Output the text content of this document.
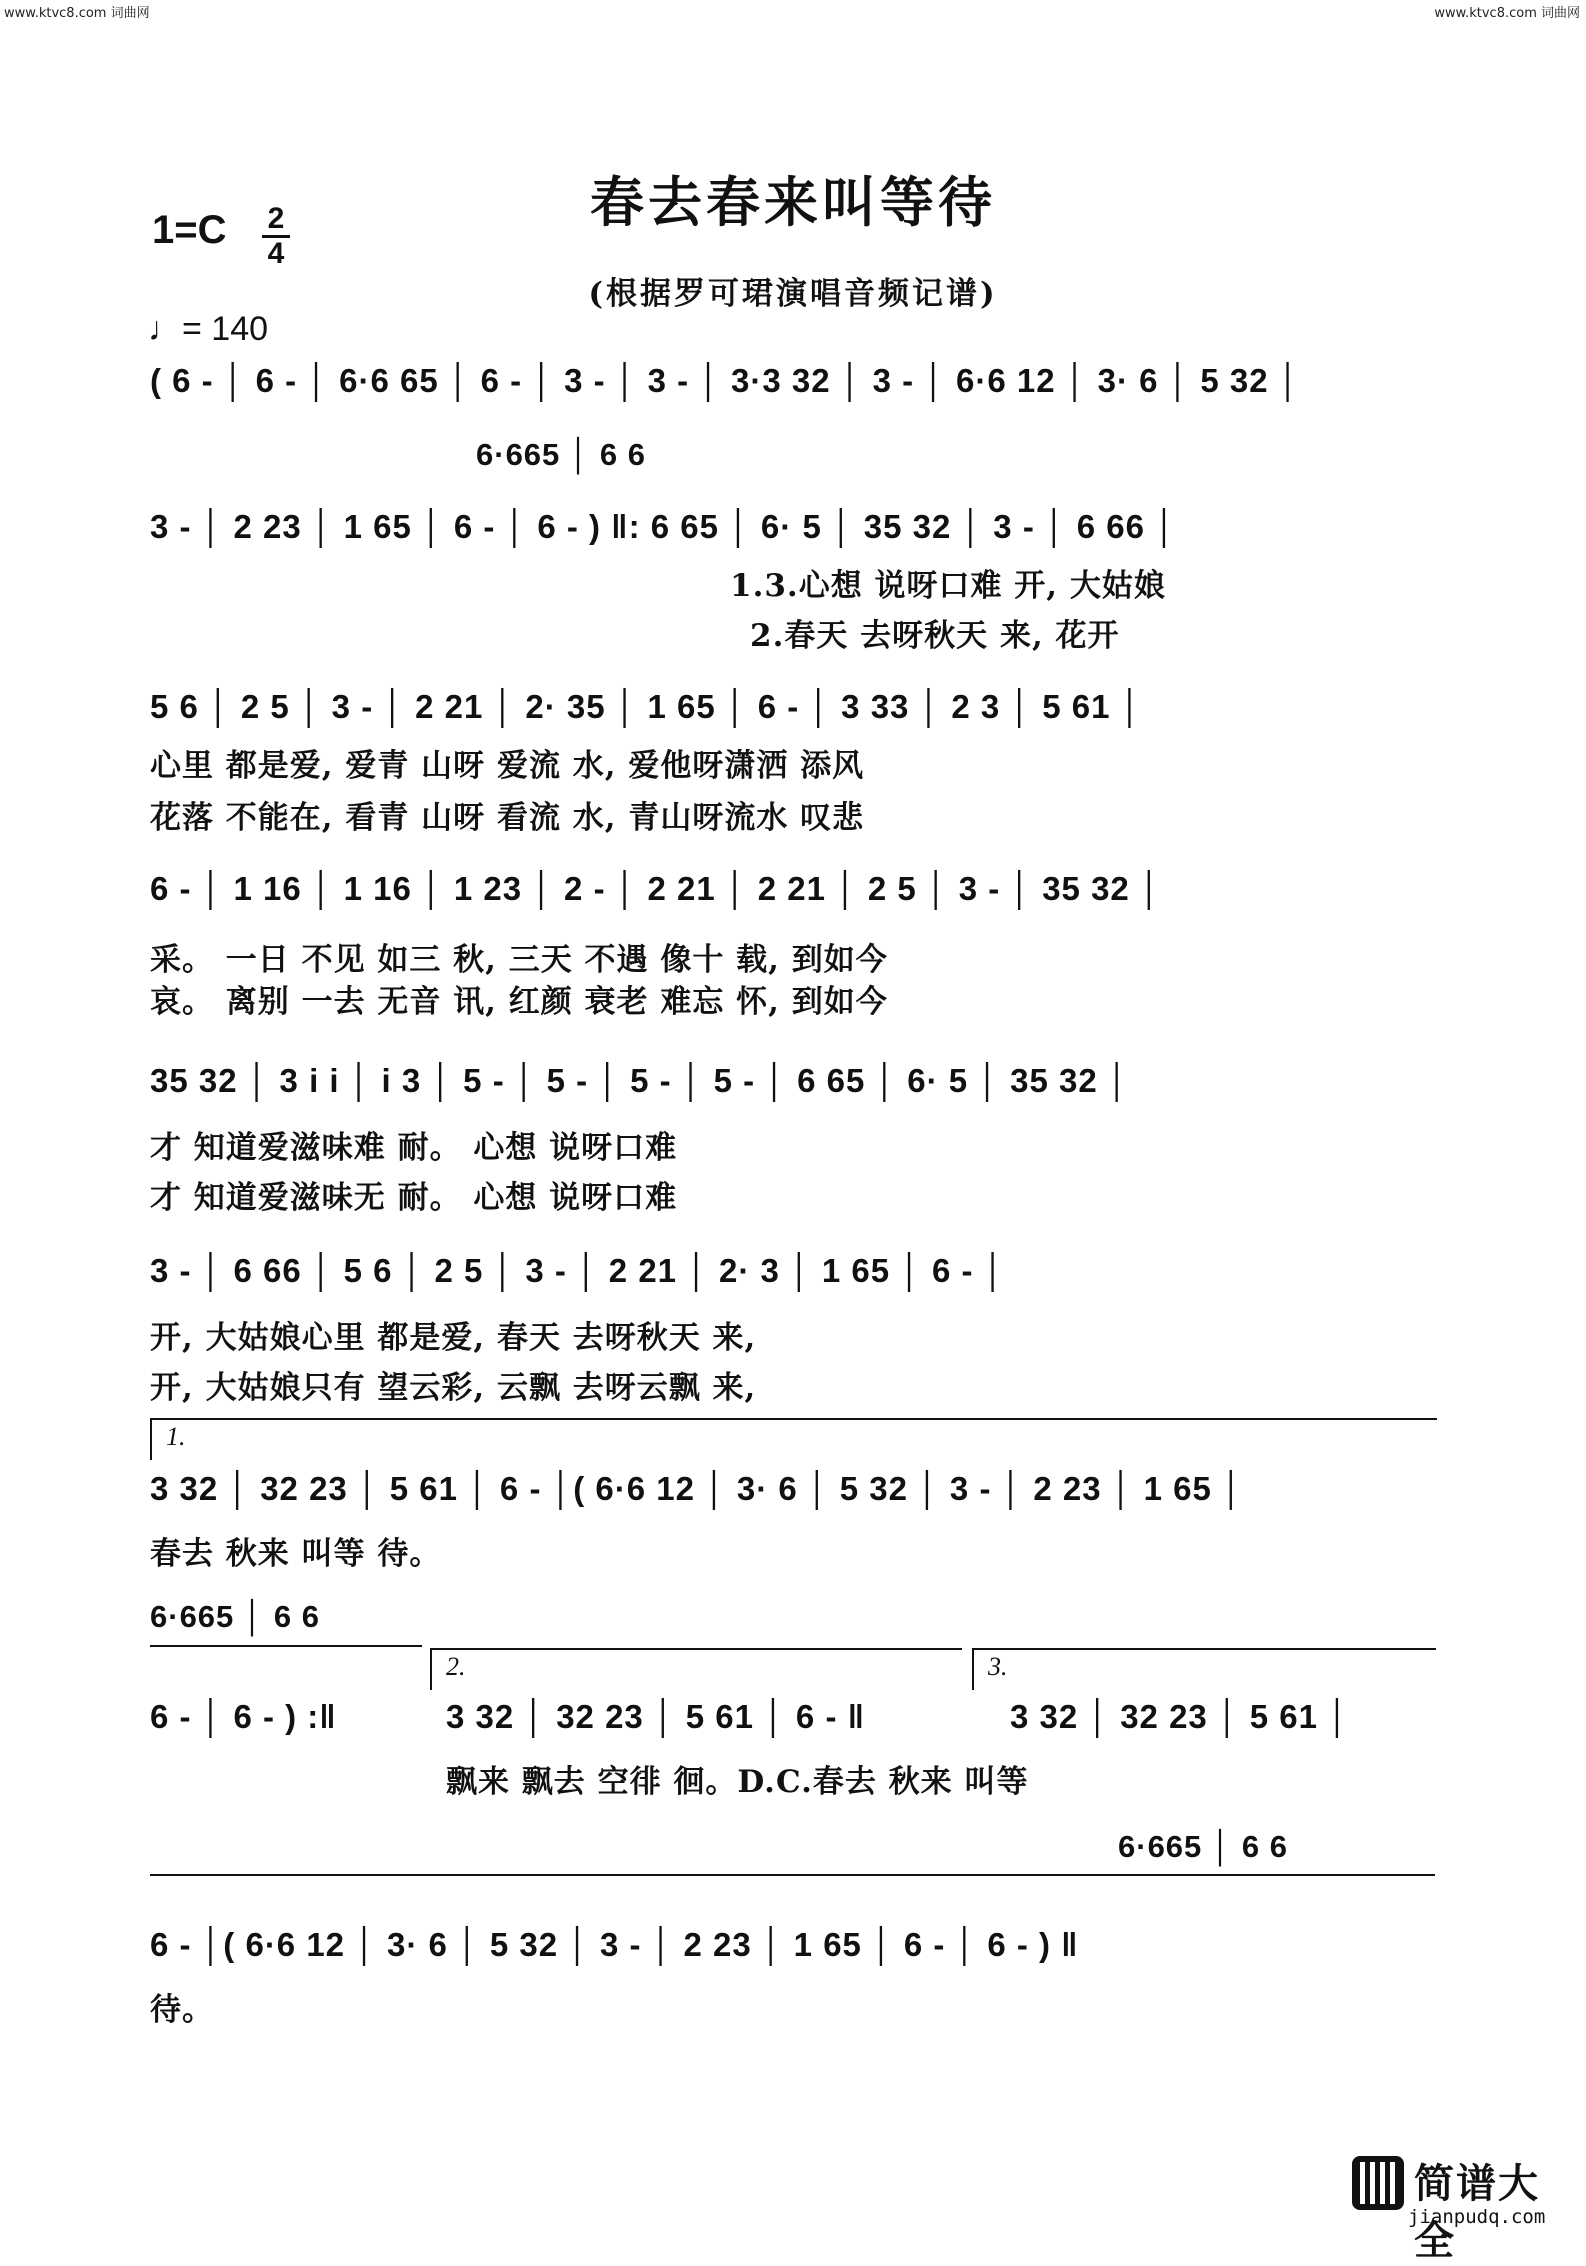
www.ktvc8.com 词曲网	www.ktvc8.com 词曲网
春去春来叫等待
(根据罗可珺演唱音频记谱)
1=C 2
4
♩= 140
( 6 - │ 6 - │ 6·6 65 │ 6 - │ 3 - │ 3 - │ 3·3 32 │ 3 - │ 6·6 12 │ 3· 6 │ 5 32 │
6·665 │ 6 6
3 - │ 2 23 │ 1 65 │ 6 - │ 6 - ) ‖: 6 65 │ 6· 5 │ 35 32 │ 3 - │ 6 66 │
1.3.心想 说呀口难 开, 大姑娘
2.春天 去呀秋天 来, 花开
5 6 │ 2 5 │ 3 - │ 2 21 │ 2· 35 │ 1 65 │ 6 - │ 3 33 │ 2 3 │ 5 61 │
心里 都是爱, 爱青 山呀 爱流 水, 爱他呀潇洒 添风
花落 不能在, 看青 山呀 看流 水, 青山呀流水 叹悲
6 - │ 1 16 │ 1 16 │ 1 23 │ 2 - │ 2 21 │ 2 21 │ 2 5 │ 3 - │ 35 32 │
采。 一日 不见 如三 秋, 三天 不遇 像十 载, 到如今
哀。 离别 一去 无音 讯, 红颜 衰老 难忘 怀, 到如今
35 32 │ 3 i i │ i 3 │ 5 - │ 5 - │ 5 - │ 5 - │ 6 65 │ 6· 5 │ 35 32 │
才 知道爱滋味难 耐。 心想 说呀口难
才 知道爱滋味无 耐。 心想 说呀口难
3 - │ 6 66 │ 5 6 │ 2 5 │ 3 - │ 2 21 │ 2· 3 │ 1 65 │ 6 - │
开, 大姑娘心里 都是爱, 春天 去呀秋天 来,
开, 大姑娘只有 望云彩, 云飘 去呀云飘 来,
1.
3 32 │ 32 23 │ 5 61 │ 6 - │( 6·6 12 │ 3· 6 │ 5 32 │ 3 - │ 2 23 │ 1 65 │
春去 秋来 叫等 待。
6·665 │ 6 6
2.	3.
6 - │ 6 - ) :‖	3 32 │ 32 23 │ 5 61 │ 6 - ‖	3 32 │ 32 23 │ 5 61 │
飘来 飘去 空徘 徊。D.C.春去 秋来 叫等
6·665 │ 6 6
6 - │( 6·6 12 │ 3· 6 │ 5 32 │ 3 - │ 2 23 │ 1 65 │ 6 - │ 6 - ) ‖
待。
简谱大全
jianpudq.com
